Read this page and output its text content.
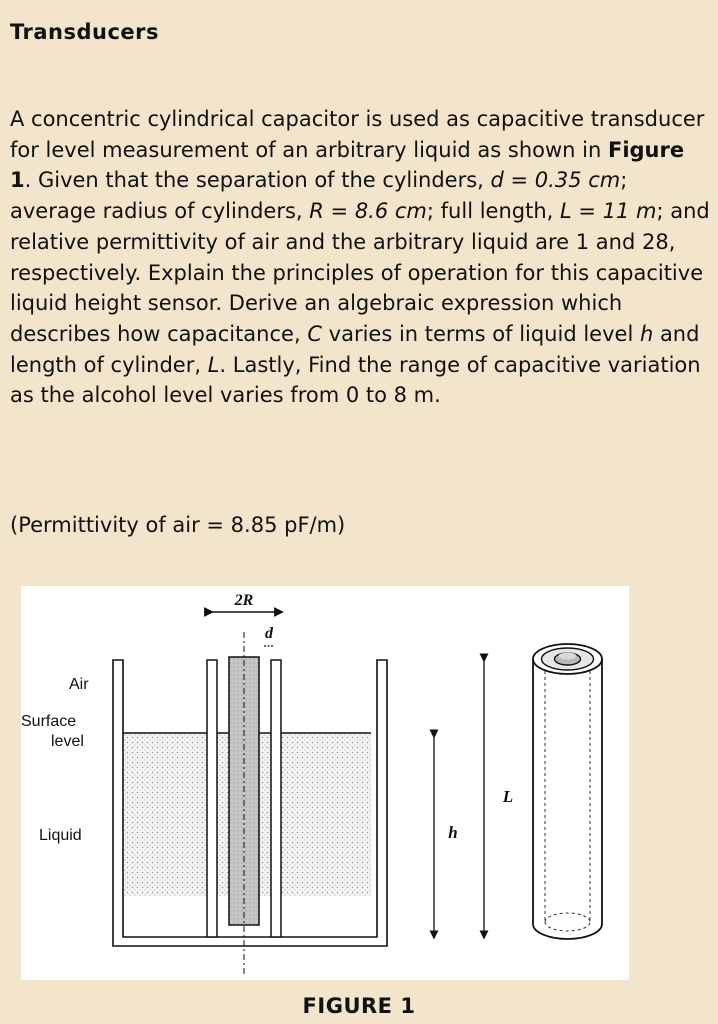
Transducers
A concentric cylindrical capacitor is used as capacitive transducer for level measurement of an arbitrary liquid as shown in Figure 1. Given that the separation of the cylinders, d = 0.35 cm; average radius of cylinders, R = 8.6 cm; full length, L = 11 m; and relative permittivity of air and the arbitrary liquid are 1 and 28, respectively. Explain the principles of operation for this capacitive liquid height sensor. Derive an algebraic expression which describes how capacitance, C varies in terms of liquid level h and length of cylinder, L. Lastly, Find the range of capacitive variation as the alcohol level varies from 0 to 8 m.
(Permittivity of air = 8.85 pF/m)
2R
d
Air
Surface
level
Liquid	h
L
FIGURE 1
